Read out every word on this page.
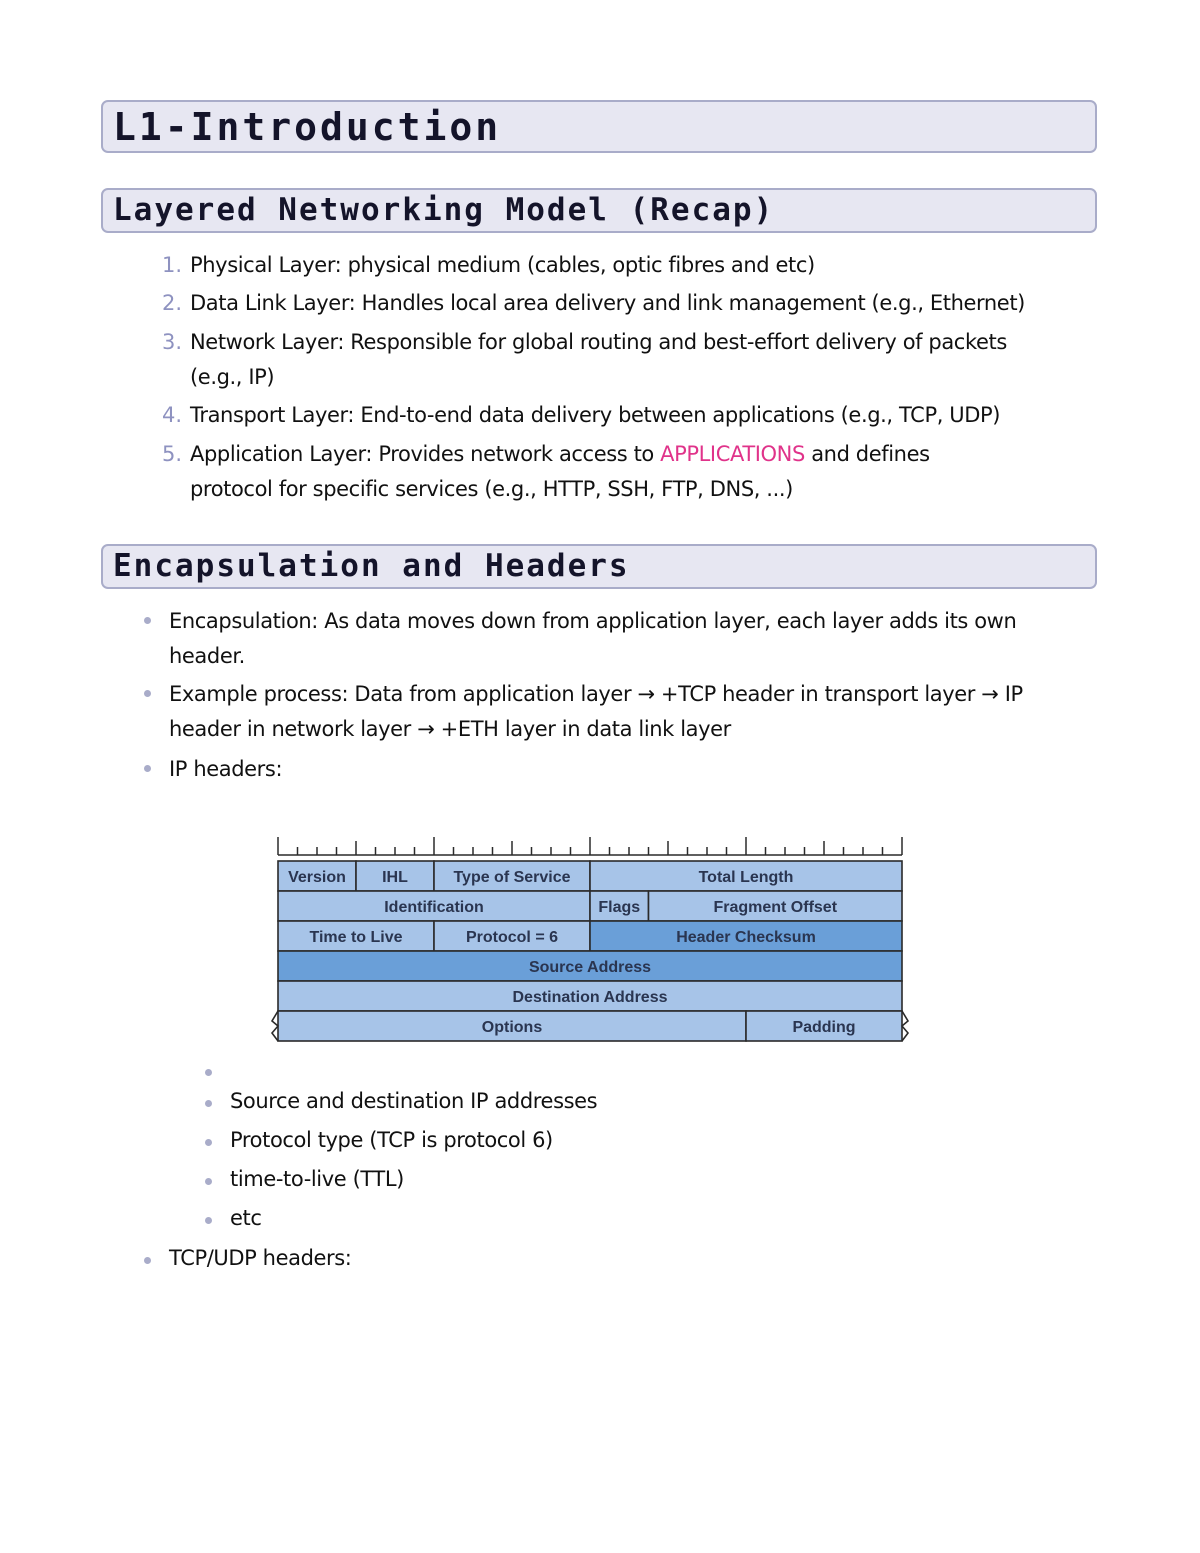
L1-Introduction
Layered Networking Model (Recap)
1. Physical Layer: physical medium (cables, optic fibres and etc)
2. Data Link Layer: Handles local area delivery and link management (e.g., Ethernet)
3. Network Layer: Responsible for global routing and best-effort delivery of packets
(e.g., IP)
4. Transport Layer: End-to-end data delivery between applications (e.g., TCP, UDP)
5. Application Layer: Provides network access to APPLICATIONS and defines
protocol for specific services (e.g., HTTP, SSH, FTP, DNS, ...)
Encapsulation and Headers
Encapsulation: As data moves down from application layer, each layer adds its own
header.
Example process: Data from application layer → +TCP header in transport layer → IP
header in network layer → +ETH layer in data link layer
IP headers:
Version IHL	Type of Service	Total Length
Identification	Flags	Fragment Offset
Time to Live	Protocol = 6	Header Checksum
Source Address
Destination Address
Options	Padding
Source and destination IP addresses
Protocol type (TCP is protocol 6)
time-to-live (TTL)
etc
TCP/UDP headers:
